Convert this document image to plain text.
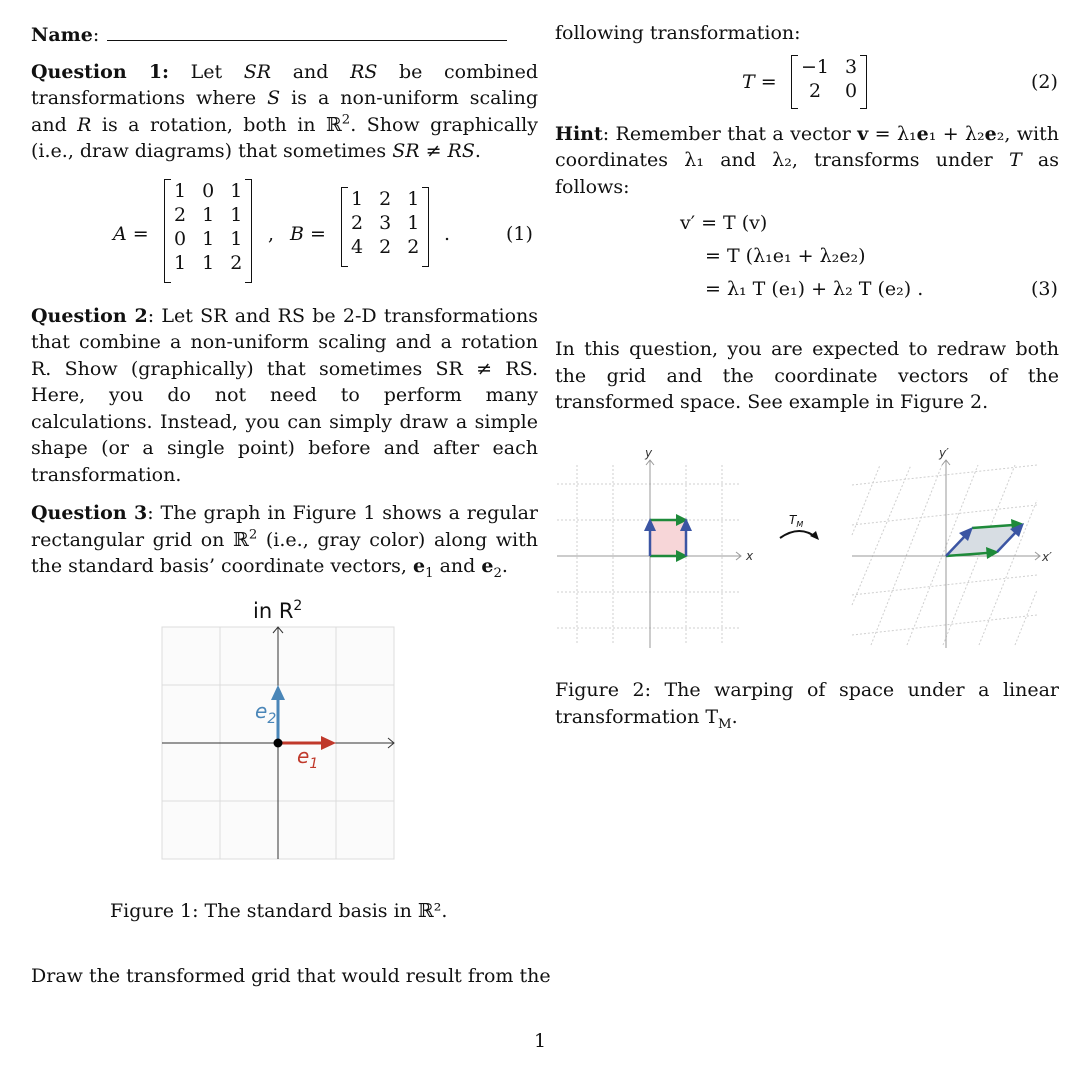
Name:

Question 1: Let SR and RS be combined transformations where S is a non-uniform scaling and R is a rotation, both in ℝ$^2$. Show graphically (i.e., draw diagrams) that sometimes SR ≠ RS.

A =
1	0	1
2	1	1
0	1	1
1	1	2
, B =
1	2	1
2	3	1
4	2	2
.	(1)

Question 2: Let SR and RS be 2-D transformations that combine a non-uniform scaling and a rotation R. Show (graphically) that sometimes SR ≠ RS. Here, you do not need to perform many calculations. Instead, you can simply draw a simple shape (or a single point) before and after each transformation.

Question 3: The graph in Figure 1 shows a regular rectangular grid on ℝ$^2$ (i.e., gray color) along with the standard basis’ coordinate vectors, $e_1$ and $e_2$.

in $R^2$
$e_1$
$e_2$
Figure 1: The standard basis in ℝ².
Draw the transformed grid that would result from the

following transformation:

T =
−1	3
2	0	(2)

Hint: Remember that a vector v = λ₁e₁ + λ₂e₂, with coordinates λ₁ and λ₂, transforms under T as follows:

v′ = T (v)
= T (λ₁e₁ + λ₂e₂)
= λ₁ T (e₁) + λ₂ T (e₂) .	(3)

In this question, you are expected to redraw both the grid and the coordinate vectors of the transformed space. See example in Figure 2.

y
x
$T_M$
y′
x′
Figure 2: The warping of space under a linear transformation $T_M$.
1
